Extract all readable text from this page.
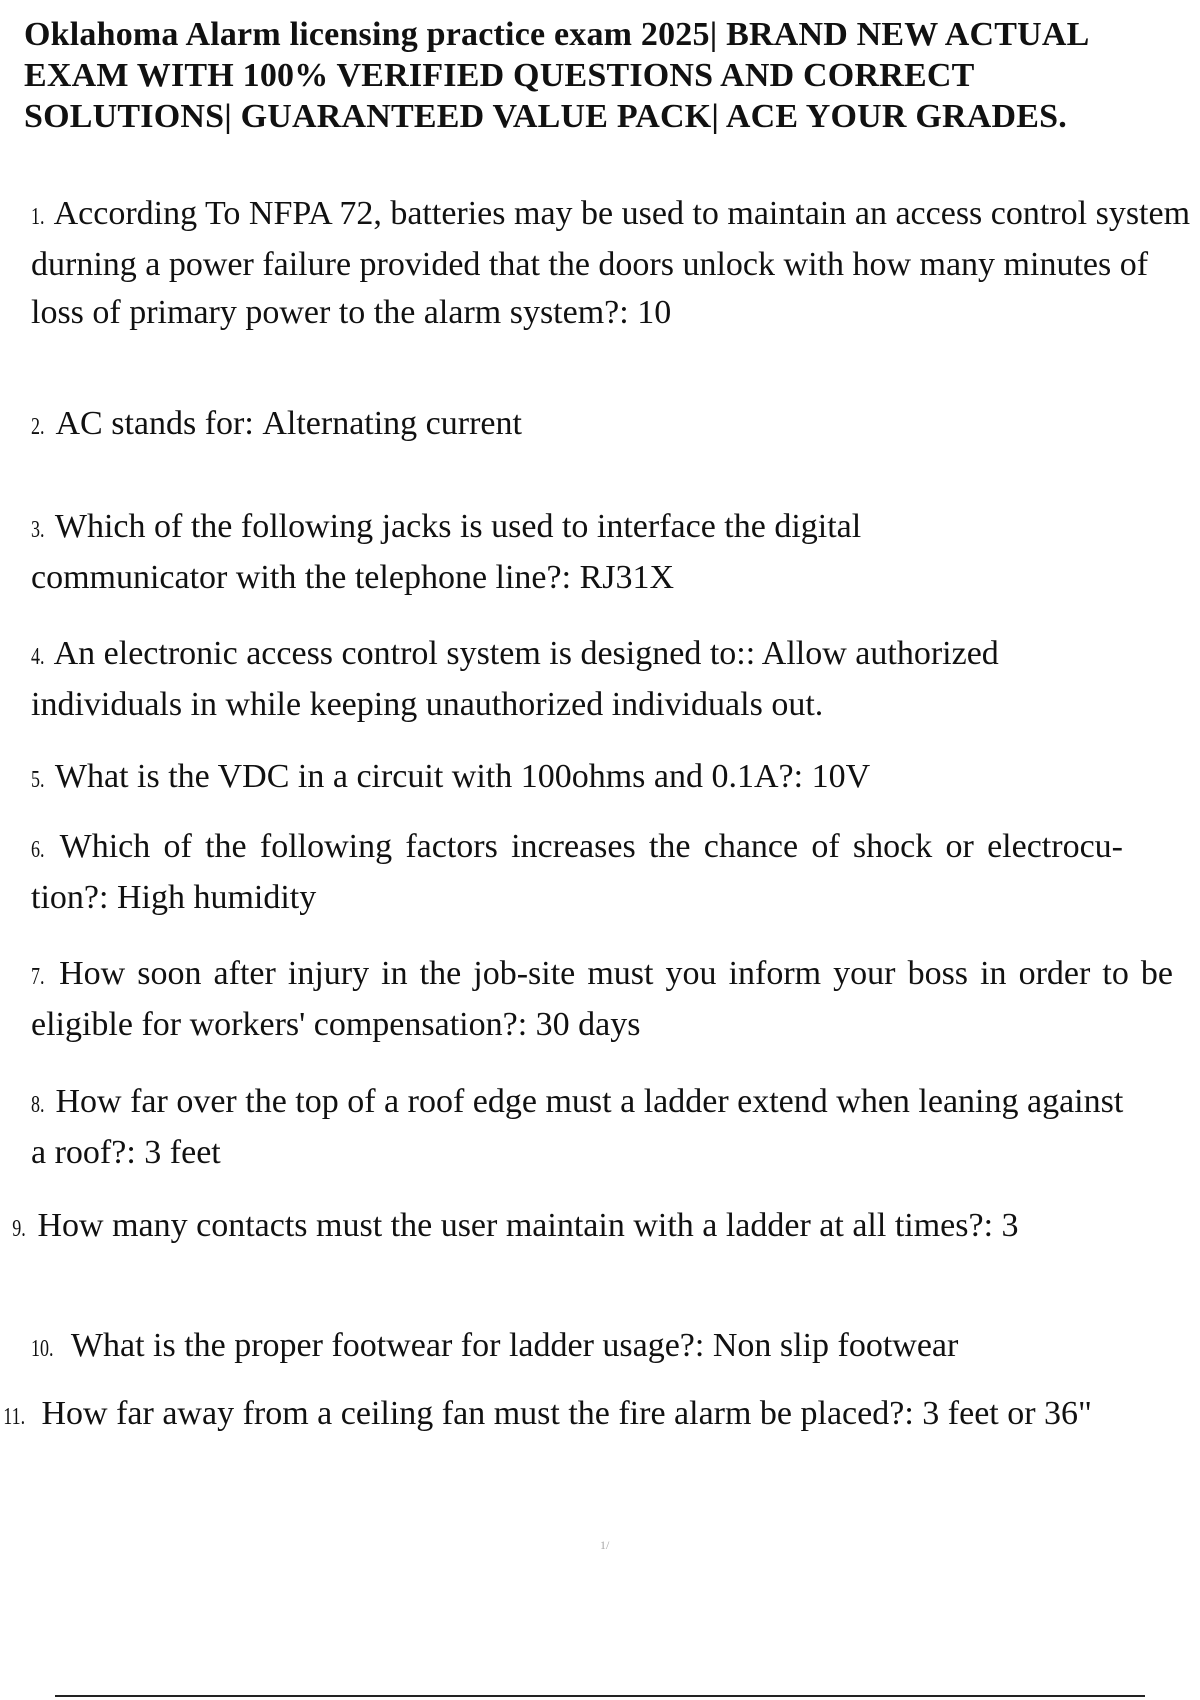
Oklahoma Alarm licensing practice exam 2025| BRAND NEW ACTUAL EXAM WITH 100% VERIFIED QUESTIONS AND CORRECT SOLUTIONS| GUARANTEED VALUE PACK| ACE YOUR GRADES.
1. According To NFPA 72, batteries may be used to maintain an access control system durning a power failure provided that the doors unlock with how many minutes of loss of primary power to the alarm system?: 10
2. AC stands for: Alternating current
3. Which of the following jacks is used to interface the digital communicator with the telephone line?: RJ31X
4. An electronic access control system is designed to:: Allow authorized individuals in while keeping unauthorized individuals out.
5. What is the VDC in a circuit with 100ohms and 0.1A?: 10V
6. Which of the following factors increases the chance of shock or electrocu- tion?: High humidity
7. How soon after injury in the job-site must you inform your boss in order to be eligible for workers' compensation?: 30 days
8. How far over the top of a roof edge must a ladder extend when leaning against a roof?: 3 feet
9. How many contacts must the user maintain with a ladder at all times?: 3
10. What is the proper footwear for ladder usage?: Non slip footwear
11. How far away from a ceiling fan must the fire alarm be placed?: 3 feet or 36"
1/
